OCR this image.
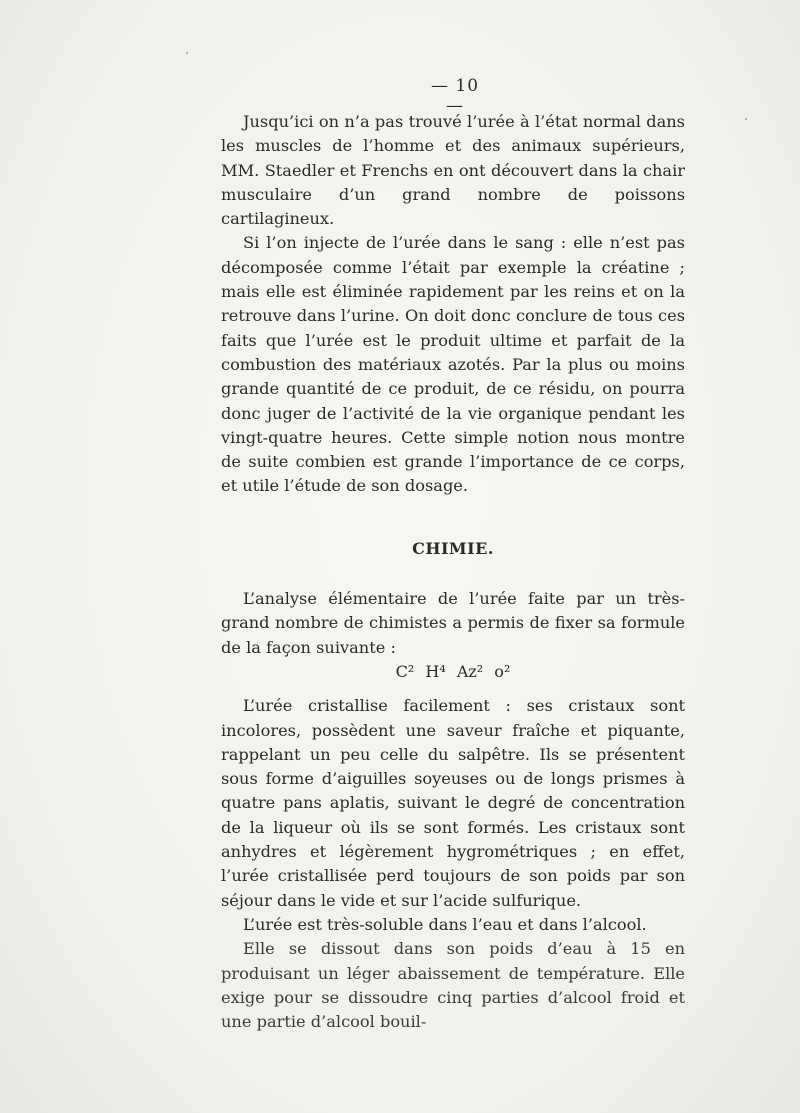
— 10 —

Jusqu’ici on n’a pas trouvé l’urée à l’état normal dans les muscles de l’homme et des animaux supérieurs, MM. Staedler et Frenchs en ont découvert dans la chair musculaire d’un grand nombre de poissons cartilagineux.

Si l’on injecte de l’urée dans le sang : elle n’est pas décomposée comme l’était par exemple la créatine ; mais elle est éliminée rapidement par les reins et on la retrouve dans l’urine. On doit donc conclure de tous ces faits que l’urée est le produit ultime et parfait de la combustion des matériaux azotés. Par la plus ou moins grande quantité de ce produit, de ce résidu, on pourra donc juger de l’activité de la vie organique pendant les vingt-quatre heures. Cette simple notion nous montre de suite combien est grande l’importance de ce corps, et utile l’étude de son dosage.

CHIMIE.

L’analyse élémentaire de l’urée faite par un très-grand nombre de chimistes a permis de fixer sa formule de la façon suivante :

C² H⁴ Az² o²

L’urée cristallise facilement : ses cristaux sont incolores, possèdent une saveur fraîche et piquante, rappelant un peu celle du salpêtre. Ils se présentent sous forme d’aiguilles soyeuses ou de longs prismes à quatre pans aplatis, suivant le degré de concentration de la liqueur où ils se sont formés. Les cristaux sont anhydres et légèrement hygrométriques ; en effet, l’urée cristallisée perd toujours de son poids par son séjour dans le vide et sur l’acide sulfurique.

L’urée est très-soluble dans l’eau et dans l’alcool.

Elle se dissout dans son poids d’eau à 15 en produisant un léger abaissement de température. Elle exige pour se dissoudre cinq parties d’alcool froid et une partie d’alcool bouil-
